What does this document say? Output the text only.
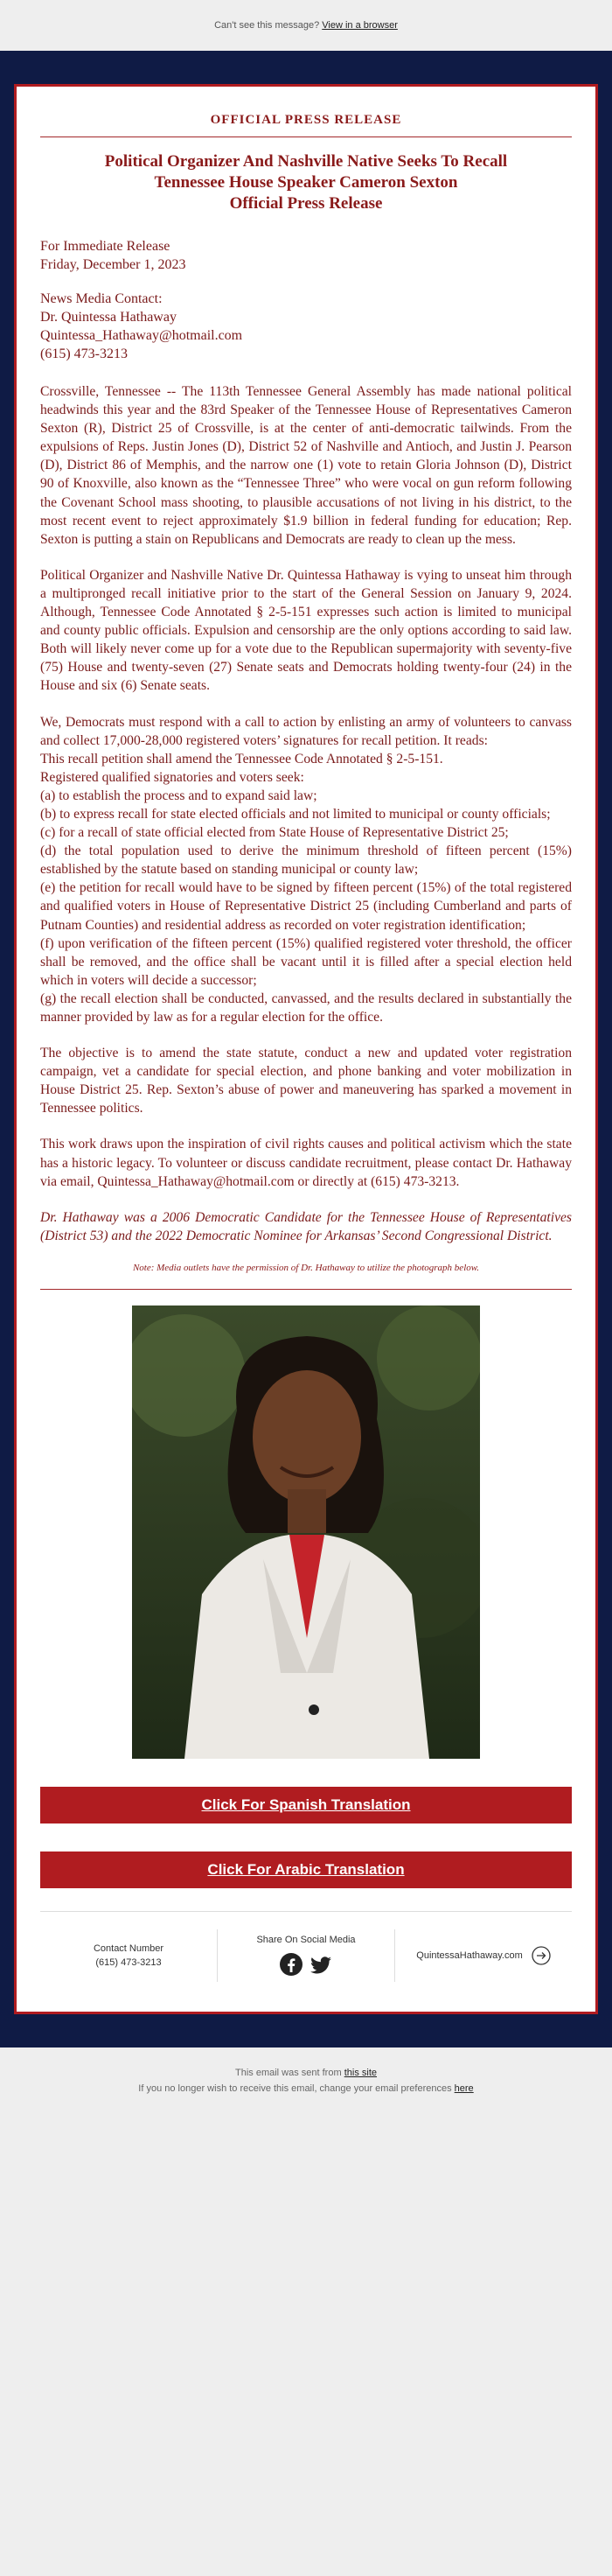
Can't see this message? View in a browser
OFFICIAL PRESS RELEASE
Political Organizer And Nashville Native Seeks To Recall
Tennessee House Speaker Cameron Sexton
Official Press Release
For Immediate Release
Friday, December 1, 2023
News Media Contact:
Dr. Quintessa Hathaway
Quintessa_Hathaway@hotmail.com
(615) 473-3213

Crossville, Tennessee -- The 113th Tennessee General Assembly has made national political headwinds this year and the 83rd Speaker of the Tennessee House of Representatives Cameron Sexton (R), District 25 of Crossville, is at the center of anti-democratic tailwinds. From the expulsions of Reps. Justin Jones (D), District 52 of Nashville and Antioch, and Justin J. Pearson (D), District 86 of Memphis, and the narrow one (1) vote to retain Gloria Johnson (D), District 90 of Knoxville, also known as the “Tennessee Three” who were vocal on gun reform following the Covenant School mass shooting, to plausible accusations of not living in his district, to the most recent event to reject approximately $1.9 billion in federal funding for education; Rep. Sexton is putting a stain on Republicans and Democrats are ready to clean up the mess.

Political Organizer and Nashville Native Dr. Quintessa Hathaway is vying to unseat him through a multipronged recall initiative prior to the start of the General Session on January 9, 2024. Although, Tennessee Code Annotated § 2-5-151 expresses such action is limited to municipal and county public officials. Expulsion and censorship are the only options according to said law. Both will likely never come up for a vote due to the Republican supermajority with seventy-five (75) House and twenty-seven (27) Senate seats and Democrats holding twenty-four (24) in the House and six (6) Senate seats.

We, Democrats must respond with a call to action by enlisting an army of volunteers to canvass and collect 17,000-28,000 registered voters’ signatures for recall petition. It reads:

This recall petition shall amend the Tennessee Code Annotated § 2-5-151.

Registered qualified signatories and voters seek:

(a) to establish the process and to expand said law;

(b) to express recall for state elected officials and not limited to municipal or county officials;

(c) for a recall of state official elected from State House of Representative District 25;

(d) the total population used to derive the minimum threshold of fifteen percent (15%) established by the statute based on standing municipal or county law;

(e) the petition for recall would have to be signed by fifteen percent (15%) of the total registered and qualified voters in House of Representative District 25 (including Cumberland and parts of Putnam Counties) and residential address as recorded on voter registration identification;

(f) upon verification of the fifteen percent (15%) qualified registered voter threshold, the officer shall be removed, and the office shall be vacant until it is filled after a special election held which in voters will decide a successor;

(g) the recall election shall be conducted, canvassed, and the results declared in substantially the manner provided by law as for a regular election for the office.

The objective is to amend the state statute, conduct a new and updated voter registration campaign, vet a candidate for special election, and phone banking and voter mobilization in House District 25. Rep. Sexton’s abuse of power and maneuvering has sparked a movement in Tennessee politics.

This work draws upon the inspiration of civil rights causes and political activism which the state has a historic legacy. To volunteer or discuss candidate recruitment, please contact Dr. Hathaway via email, Quintessa_Hathaway@hotmail.com or directly at (615) 473-3213.

Dr. Hathaway was a 2006 Democratic Candidate for the Tennessee House of Representatives (District 53) and the 2022 Democratic Nominee for Arkansas’ Second Congressional District.

Note: Media outlets have the permission of Dr. Hathaway to utilize the photograph below.
Click For Spanish Translation
Click For Arabic Translation
Contact Number
(615) 473-3213
Share On Social Media
QuintessaHathaway.com
This email was sent from this site
If you no longer wish to receive this email, change your email preferences here
